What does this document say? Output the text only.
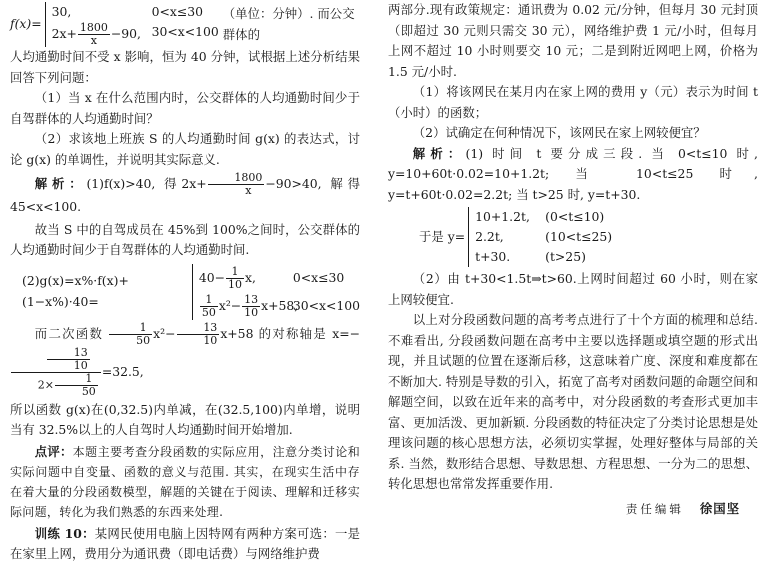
f(x)=
30,	0<x≤30
$2x+ \frac{1800}{x} -90$, 30<x<100
（单位：分钟）. 而公交群体的

人均通勤时间不受 x 影响，恒为 40 分钟，试根据上述分析结果回答下列问题：

（1）当 x 在什么范围内时，公交群体的人均通勤时间少于自驾群体的人均通勤时间？

（2）求该地上班族 S 的人均通勤时间 g(x) 的表达式，讨论 g(x) 的单调性，并说明其实际意义.

解析：(1)f(x)>40, 得$2x+ \frac{1800}{x} -90>40$, 解得 45<x<100.

故当 S 中的自驾成员在 45%到 100%之间时，公交群体的人均通勤时间少于自驾群体的人均通勤时间.

(2)g(x)=x%·f(x)+(1−x%)·40=
$40- \frac{1}{10} x$,	0<x≤30
$\frac{1}{50} x^2- \frac{13}{10} x+58$,
30<x<100

而二次函数 $\frac{1}{50} x^2- \frac{13}{10} x+58$ 的对称轴是 x=−
$\frac{\frac{13}{10}}{2\times \frac{1}{50}} =32.5$,

所以函数 g(x)在(0,32.5)内单减，在(32.5,100)内单增，说明当有 32.5%以上的人自驾时人均通勤时间开始增加.

点评：本题主要考查分段函数的实际应用，注意分类讨论和实际问题中自变量、函数的意义与范围. 其实，在现实生活中存在着大量的分段函数模型，解题的关键在于阅读、理解和迁移实际问题，转化为我们熟悉的东西来处理.

训练 10：某网民使用电脑上因特网有两种方案可选：一是在家里上网，费用分为通讯费（即电话费）与网络维护费

两部分.现有政策规定：通讯费为 0.02 元/分钟，但每月 30 元封顶（即超过 30 元则只需交 30 元），网络维护费 1 元/小时，但每月上网不超过 10 小时则要交 10 元；二是到附近网吧上网，价格为 1.5 元/小时.

（1）将该网民在某月内在家上网的费用 y（元）表示为时间 t（小时）的函数；

（2）试确定在何种情况下，该网民在家上网较便宜？

解析：(1) 时间 t 要分成三段. 当 0<t≤10 时, y=10+60t·0.02=10+1.2t; 当 10<t≤25 时, y=t+60t·0.02=2.2t; 当 t>25 时, y=t+30.

于是 y=
10+1.2t,	(0<t≤10)
2.2t,	(10<t≤25)
t+30.	(t>25)

（2）由 t+30<1.5t⇒t>60.上网时间超过 60 小时，则在家上网较便宜.

以上对分段函数问题的高考考点进行了十个方面的梳理和总结. 不难看出, 分段函数问题在高考中主要以选择题或填空题的形式出现，并且试题的位置在逐渐后移，这意味着广度、深度和难度都在不断加大. 特别是导数的引入，拓宽了高考对函数问题的命题空间和解题空间，以致在近年来的高考中，对分段函数的考查形式更加丰富、更加活泼、更加新颖. 分段函数的特征决定了分类讨论思想是处理该问题的核心思想方法，必须切实掌握，处理好整体与局部的关系. 当然，数形结合思想、导数思想、方程思想、一分为二的思想、转化思想也常常发挥重要作用.

责任编辑 徐国坚
